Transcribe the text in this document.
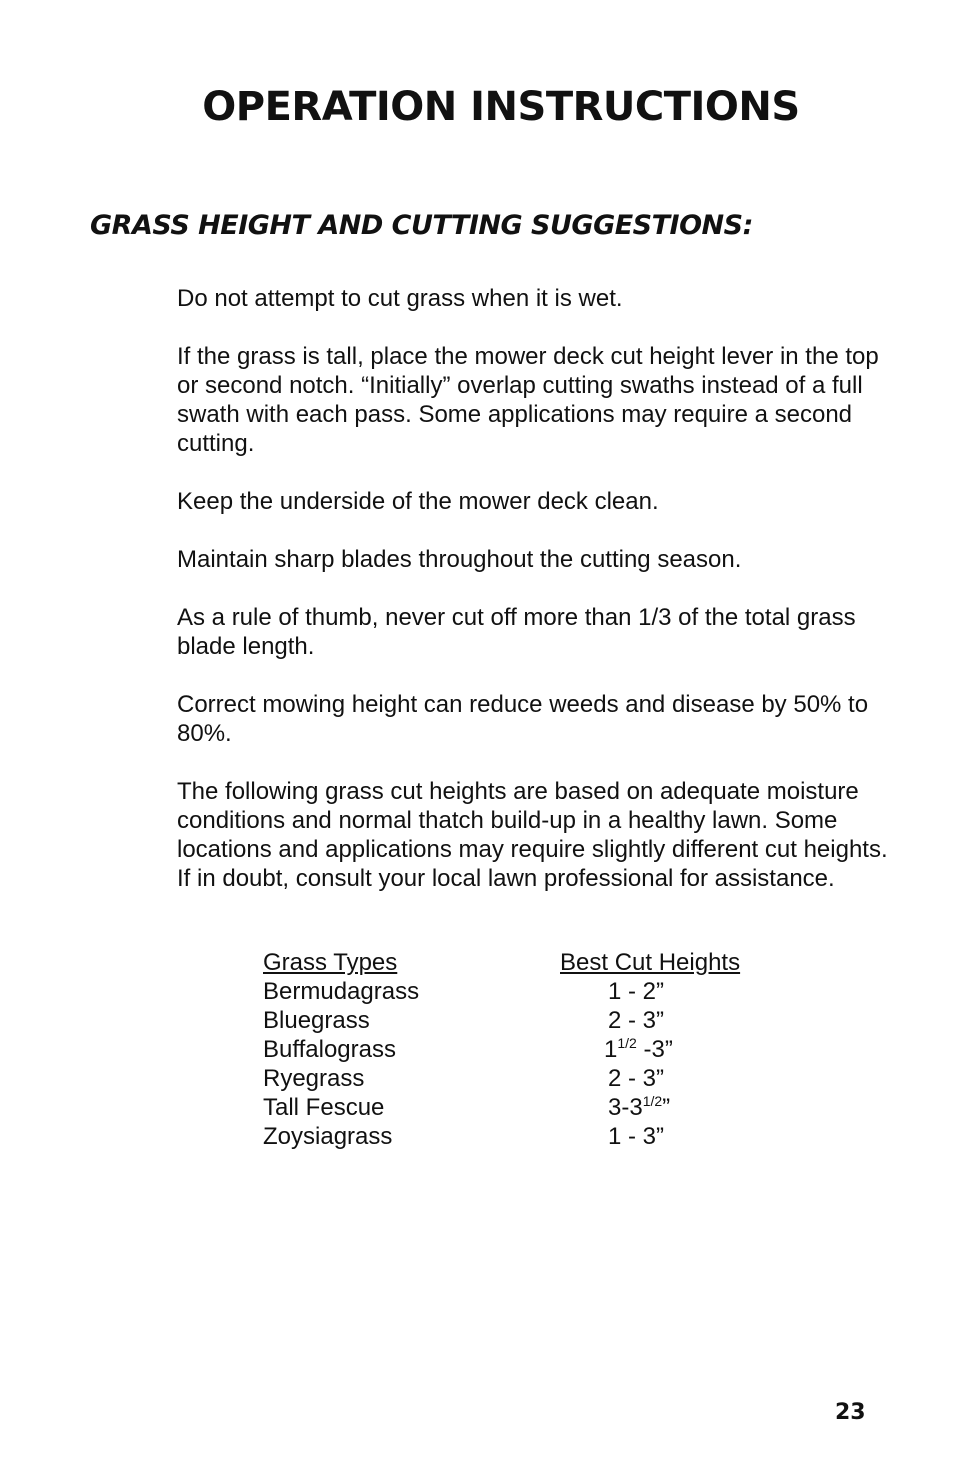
OPERATION INSTRUCTIONS
GRASS HEIGHT AND CUTTING SUGGESTIONS:

Do not attempt to cut grass when it is wet.

If the grass is tall, place the mower deck cut height lever in the top or second notch. “Initially” overlap cutting swaths instead of a full swath with each pass. Some applications may require a second cutting.

Keep the underside of the mower deck clean.

Maintain sharp blades throughout the cutting season.

As a rule of thumb, never cut off more than 1/3 of the total grass blade length.

Correct mowing height can reduce weeds and disease by 50% to 80%.

The following grass cut heights are based on adequate moisture conditions and normal thatch build-up in a healthy lawn. Some locations and applications may require slightly different cut heights. If in doubt, consult your local lawn professional for assistance.

Grass Types	Best Cut Heights
Bermudagrass	1 - 2”
Bluegrass	2 - 3”
Buffalograss	$1^{1/2}$ -3”
Ryegrass	2 - 3”
Tall Fescue	$3-3^{1/2}$”
Zoysiagrass	1 - 3”
23
